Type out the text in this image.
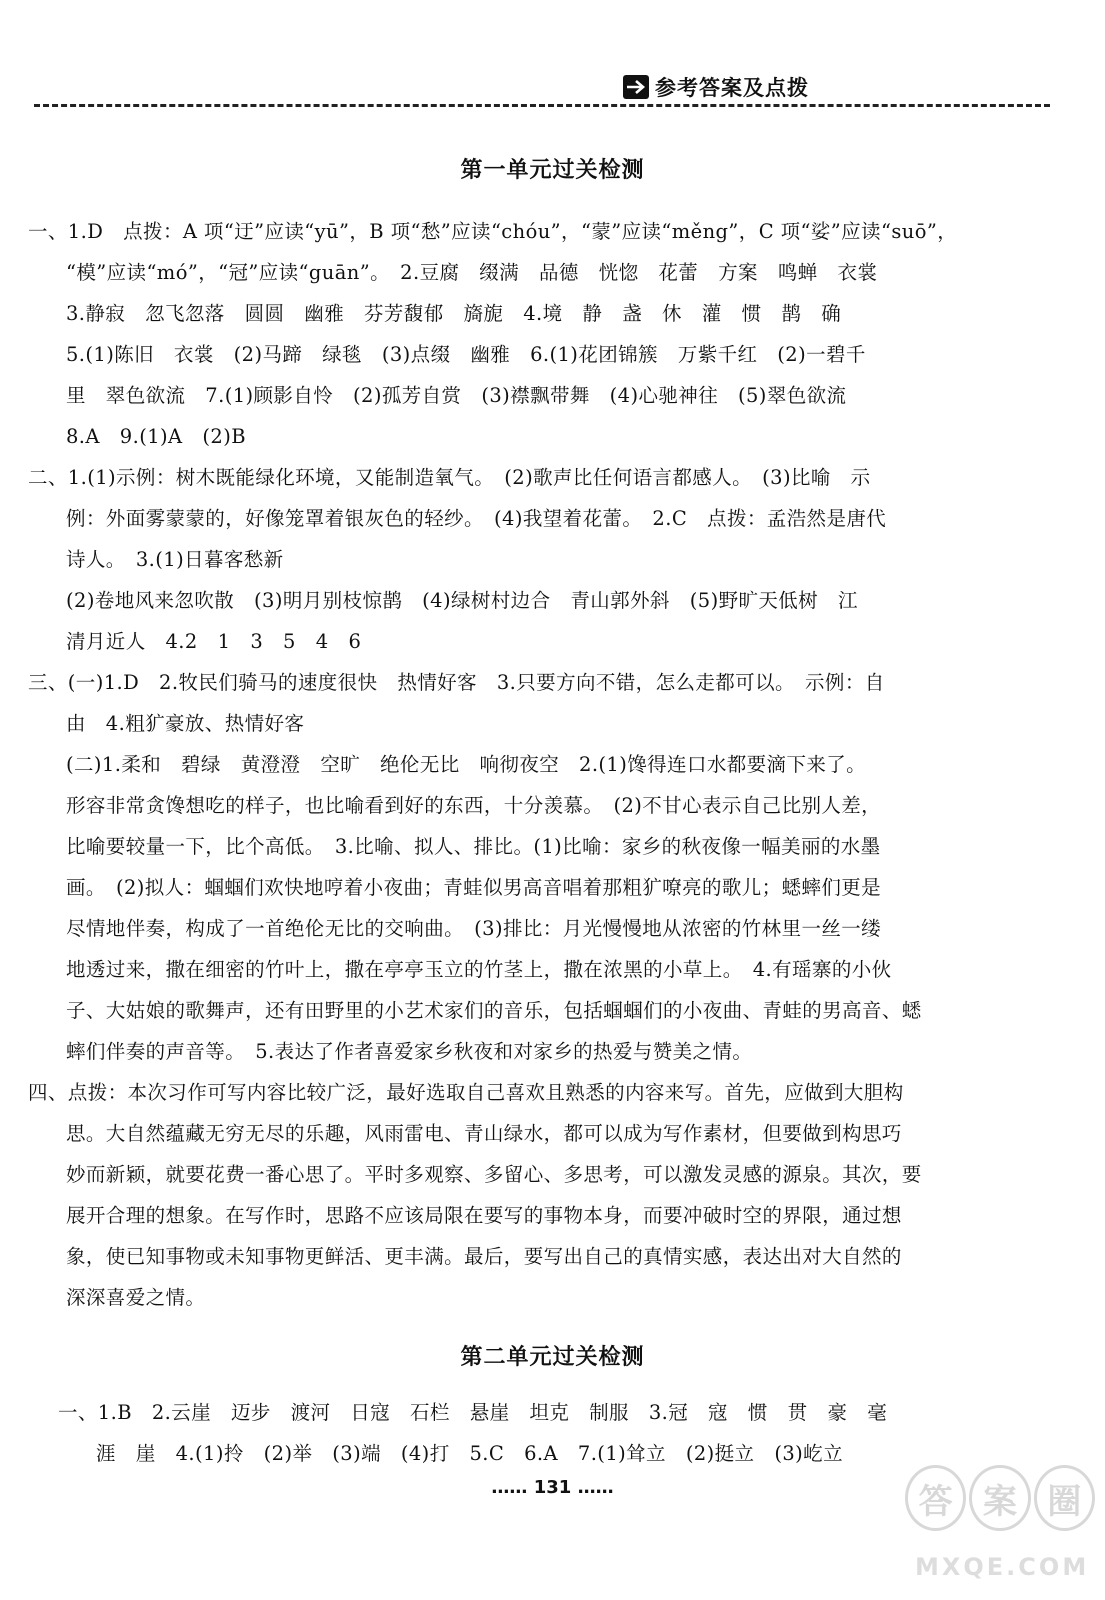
参考答案及点拨
第一单元过关检测
一、1.D　点拨：A 项“迂”应读“yū”，B 项“愁”应读“chóu”，“蒙”应读“měng”，C 项“娑”应读“suō”，
“模”应读“mó”，“冠”应读“guān”。　2.豆腐　缀满　品德　恍惚　花蕾　方案　鸣蝉　衣裳
3.静寂　忽飞忽落　圆圆　幽雅　芬芳馥郁　旖旎　4.境　静　盏　休　灌　惯　鹊　确
5.(1)陈旧　衣裳　(2)马蹄　绿毯　(3)点缀　幽雅　6.(1)花团锦簇　万紫千红　(2)一碧千
里　翠色欲流　7.(1)顾影自怜　(2)孤芳自赏　(3)襟飘带舞　(4)心驰神往　(5)翠色欲流
8.A　9.(1)A　(2)B
二、1.(1)示例：树木既能绿化环境，又能制造氧气。　(2)歌声比任何语言都感人。　(3)比喻　示
例：外面雾蒙蒙的，好像笼罩着银灰色的轻纱。　(4)我望着花蕾。　2.C　点拨：孟浩然是唐代
诗人。　3.(1)日暮客愁新
(2)卷地风来忽吹散　(3)明月别枝惊鹊　(4)绿树村边合　青山郭外斜　(5)野旷天低树　江
清月近人　4.2　1　3　5　4　6
三、(一)1.D　2.牧民们骑马的速度很快　热情好客　3.只要方向不错，怎么走都可以。　示例：自
由　4.粗犷豪放、热情好客
(二)1.柔和　碧绿　黄澄澄　空旷　绝伦无比　响彻夜空　2.(1)馋得连口水都要滴下来了。
形容非常贪馋想吃的样子，也比喻看到好的东西，十分羡慕。　(2)不甘心表示自己比别人差，
比喻要较量一下，比个高低。　3.比喻、拟人、排比。(1)比喻：家乡的秋夜像一幅美丽的水墨
画。　(2)拟人：蝈蝈们欢快地哼着小夜曲；青蛙似男高音唱着那粗犷嘹亮的歌儿；蟋蟀们更是
尽情地伴奏，构成了一首绝伦无比的交响曲。　(3)排比：月光慢慢地从浓密的竹林里一丝一缕
地透过来，撒在细密的竹叶上，撒在亭亭玉立的竹茎上，撒在浓黑的小草上。　4.有瑶寨的小伙
子、大姑娘的歌舞声，还有田野里的小艺术家们的音乐，包括蝈蝈们的小夜曲、青蛙的男高音、蟋
蟀们伴奏的声音等。　5.表达了作者喜爱家乡秋夜和对家乡的热爱与赞美之情。
四、点拨：本次习作可写内容比较广泛，最好选取自己喜欢且熟悉的内容来写。首先，应做到大胆构
思。大自然蕴藏无穷无尽的乐趣，风雨雷电、青山绿水，都可以成为写作素材，但要做到构思巧
妙而新颖，就要花费一番心思了。平时多观察、多留心、多思考，可以激发灵感的源泉。其次，要
展开合理的想象。在写作时，思路不应该局限在要写的事物本身，而要冲破时空的界限，通过想
象，使已知事物或未知事物更鲜活、更丰满。最后，要写出自己的真情实感，表达出对大自然的
深深喜爱之情。
第二单元过关检测
一、1.B　2.云崖　迈步　渡河　日寇　石栏　悬崖　坦克　制服　3.冠　寇　惯　贯　豪　毫
涯　崖　4.(1)拎　(2)举　(3)端　(4)打　5.C　6.A　7.(1)耸立　(2)挺立　(3)屹立
…… 131 ……	答 案 圈
MXQE.COM
